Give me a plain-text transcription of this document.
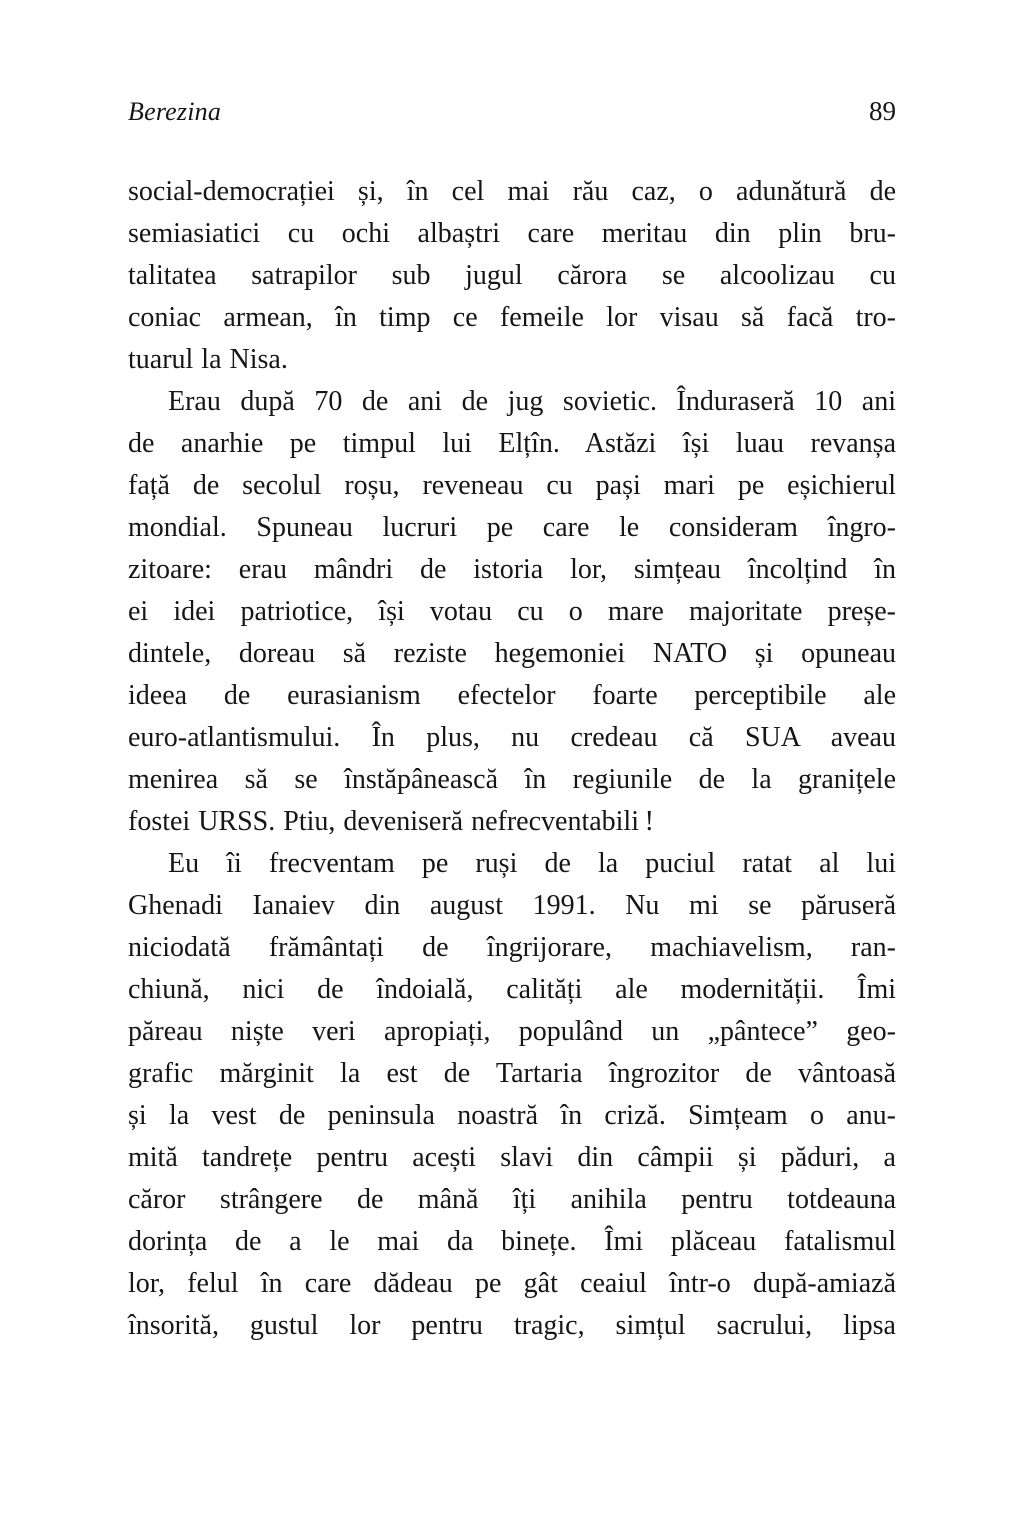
Berezina	89
social-democrației și, în cel mai rău caz, o adunătură de
semiasiatici cu ochi albaștri care meritau din plin bru-
talitatea satrapilor sub jugul cărora se alcoolizau cu
coniac armean, în timp ce femeile lor visau să facă tro-
tuarul la Nisa.
Erau după 70 de ani de jug sovietic. Înduraseră 10 ani
de anarhie pe timpul lui Elțîn. Astăzi își luau revanșa
față de secolul roșu, reveneau cu pași mari pe eșichierul
mondial. Spuneau lucruri pe care le consideram îngro-
zitoare: erau mândri de istoria lor, simțeau încolțind în
ei idei patriotice, își votau cu o mare majoritate preșe-
dintele, doreau să reziste hegemoniei NATO și opuneau
ideea de eurasianism efectelor foarte perceptibile ale
euro-atlantismului. În plus, nu credeau că SUA aveau
menirea să se înstăpânească în regiunile de la granițele
fostei URSS. Ptiu, deveniseră nefrecventabili !
Eu îi frecventam pe ruși de la puciul ratat al lui
Ghenadi Ianaiev din august 1991. Nu mi se păruseră
niciodată frământați de îngrijorare, machiavelism, ran-
chiună, nici de îndoială, calități ale modernității. Îmi
păreau niște veri apropiați, populând un „pântece” geo-
grafic mărginit la est de Tartaria îngrozitor de vântoasă
și la vest de peninsula noastră în criză. Simțeam o anu-
mită tandrețe pentru acești slavi din câmpii și păduri, a
căror strângere de mână îți anihila pentru totdeauna
dorința de a le mai da binețe. Îmi plăceau fatalismul
lor, felul în care dădeau pe gât ceaiul într-o după-amiază
însorită, gustul lor pentru tragic, simțul sacrului, lipsa
